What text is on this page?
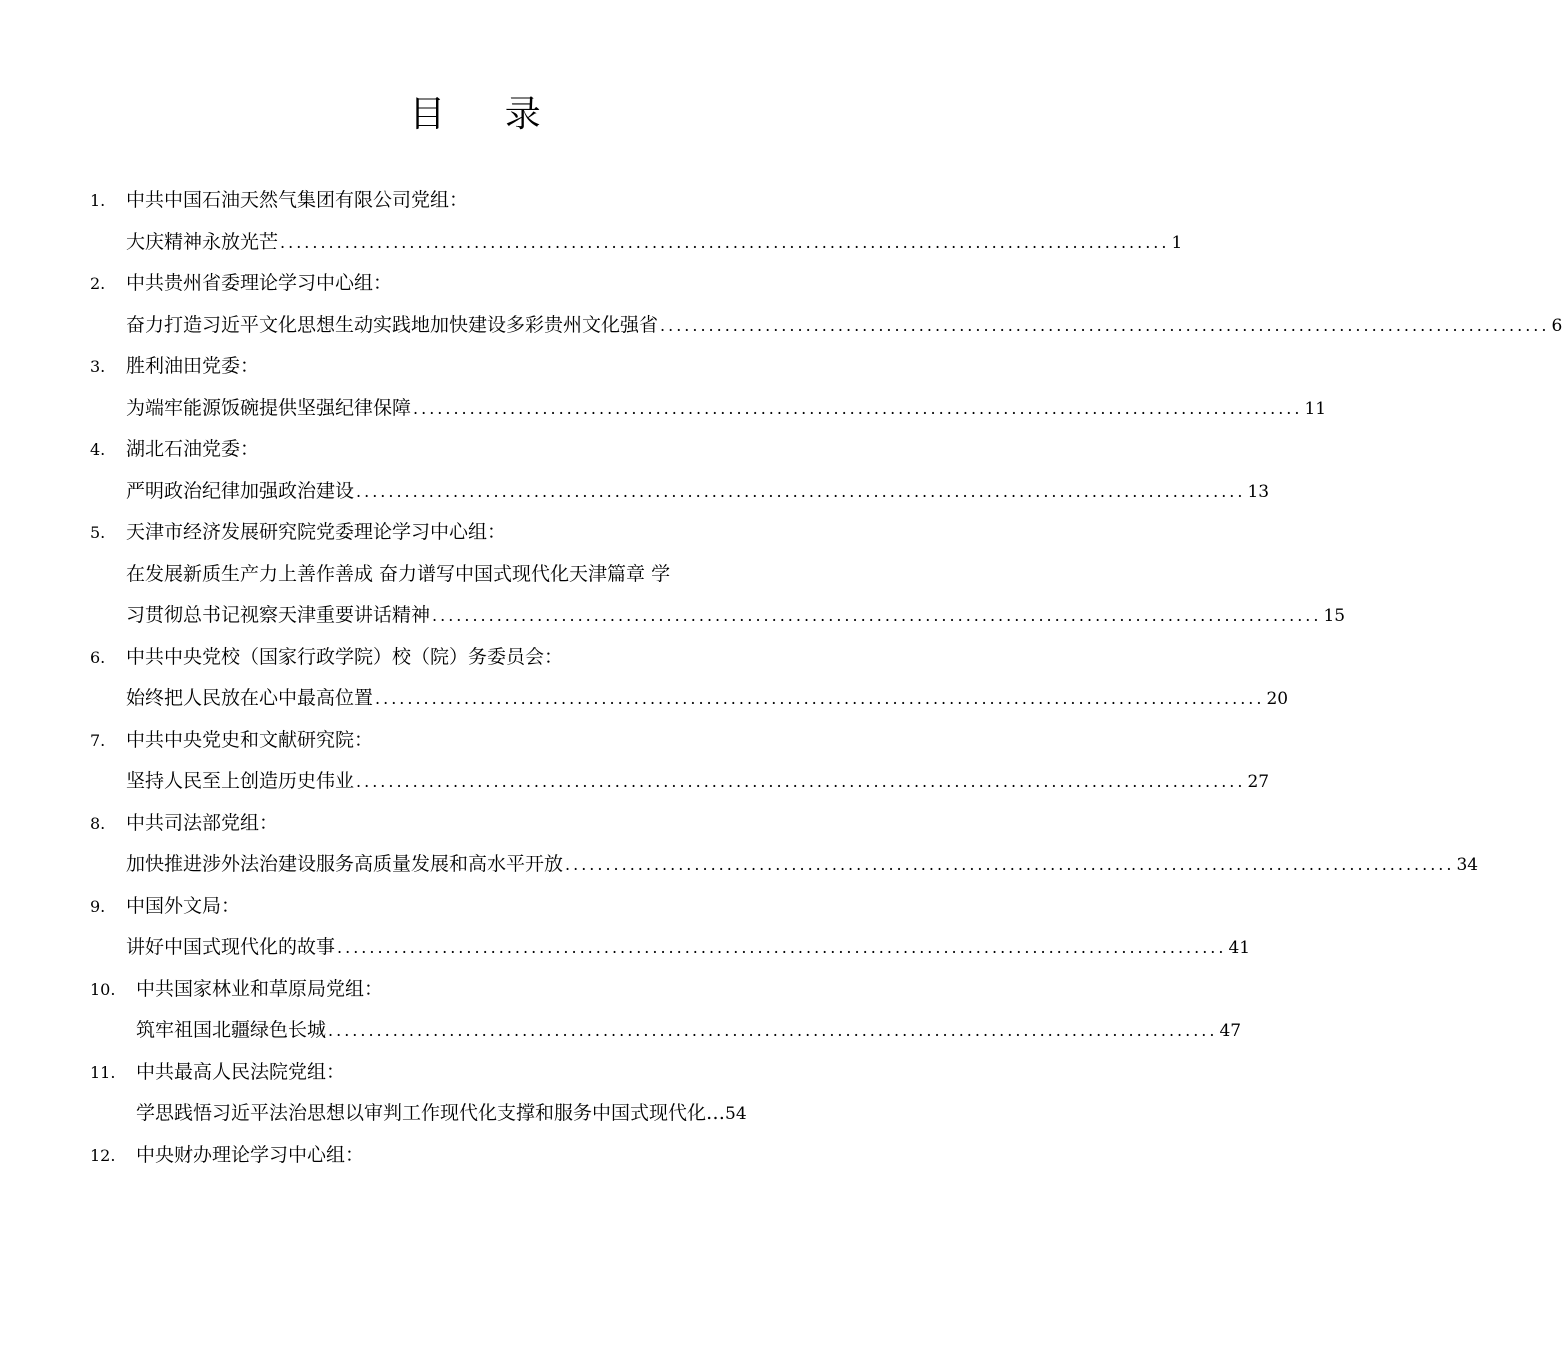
目 录
1. 中共中国石油天然气集团有限公司党组：
大庆精神永放光芒 .............................................................................................................. 1
2. 中共贵州省委理论学习中心组：
奋力打造习近平文化思想生动实践地加快建设多彩贵州文化强省 .............................................................................................................. 6
3. 胜利油田党委：
为端牢能源饭碗提供坚强纪律保障 .............................................................................................................. 11
4. 湖北石油党委：
严明政治纪律加强政治建设 .............................................................................................................. 13
5. 天津市经济发展研究院党委理论学习中心组：
在发展新质生产力上善作善成 奋力谱写中国式现代化天津篇章 学
习贯彻总书记视察天津重要讲话精神 .............................................................................................................. 15
6. 中共中央党校（国家行政学院）校（院）务委员会：
始终把人民放在心中最高位置 .............................................................................................................. 20
7. 中共中央党史和文献研究院：
坚持人民至上创造历史伟业 .............................................................................................................. 27
8. 中共司法部党组：
加快推进涉外法治建设服务高质量发展和高水平开放 .............................................................................................................. 34
9. 中国外文局：
讲好中国式现代化的故事 .............................................................................................................. 41
10. 中共国家林业和草原局党组：
筑牢祖国北疆绿色长城 .............................................................................................................. 47
11. 中共最高人民法院党组：
学思践悟习近平法治思想以审判工作现代化支撑和服务中国式现代化 … 54
12. 中央财办理论学习中心组：
